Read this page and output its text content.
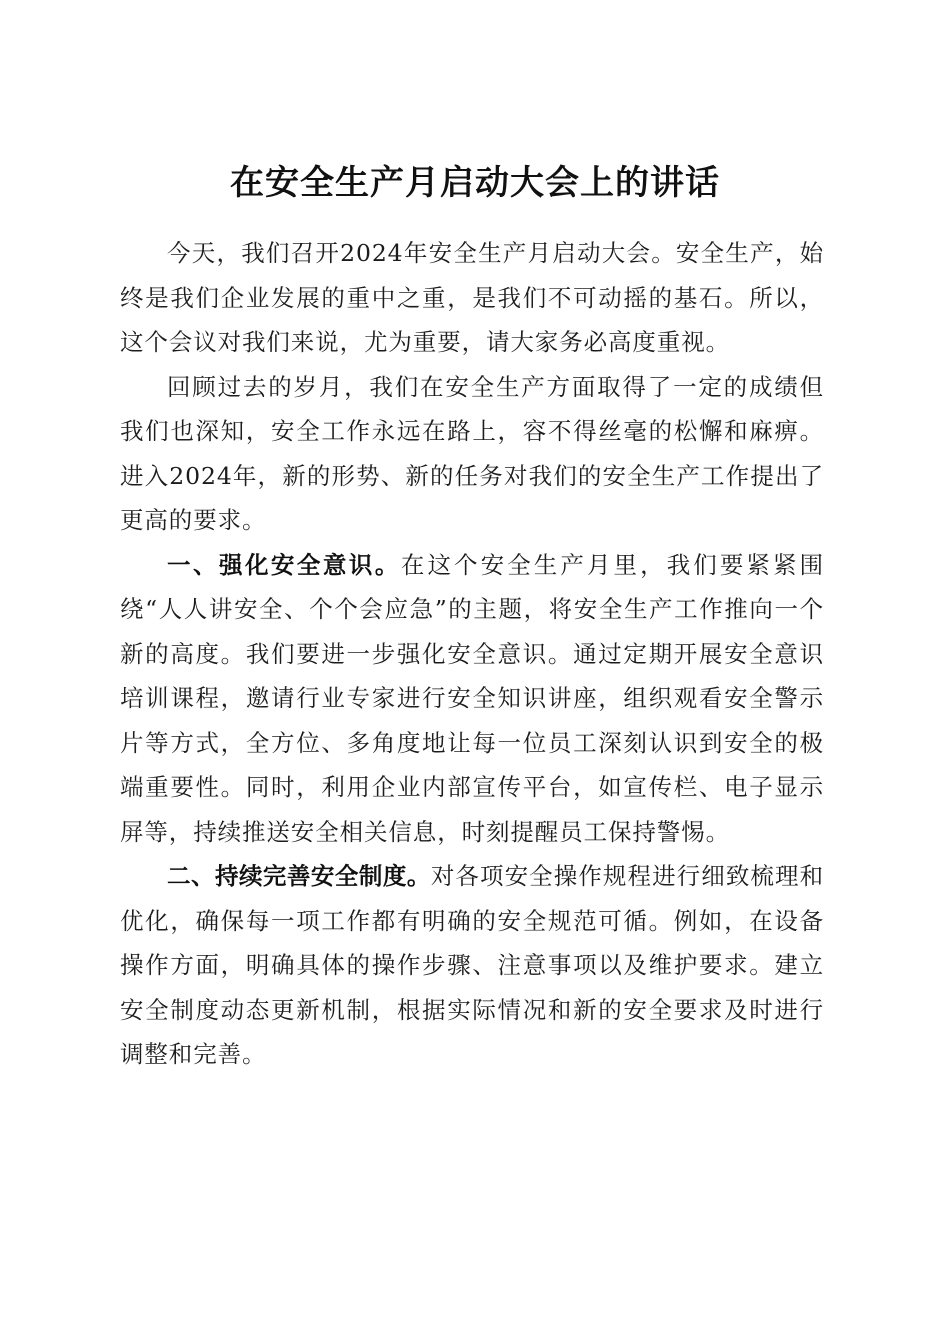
在安全生产月启动大会上的讲话

今天，我们召开2024年安全生产月启动大会。安全生产，始终是我们企业发展的重中之重，是我们不可动摇的基石。所以，这个会议对我们来说，尤为重要，请大家务必高度重视。

回顾过去的岁月，我们在安全生产方面取得了一定的成绩但我们也深知，安全工作永远在路上，容不得丝毫的松懈和麻痹。进入2024年，新的形势、新的任务对我们的安全生产工作提出了更高的要求。

一、强化安全意识。在这个安全生产月里，我们要紧紧围绕“人人讲安全、个个会应急”的主题，将安全生产工作推向一个新的高度。我们要进一步强化安全意识。通过定期开展安全意识培训课程，邀请行业专家进行安全知识讲座，组织观看安全警示片等方式，全方位、多角度地让每一位员工深刻认识到安全的极端重要性。同时，利用企业内部宣传平台，如宣传栏、电子显示屏等，持续推送安全相关信息，时刻提醒员工保持警惕。

二、持续完善安全制度。对各项安全操作规程进行细致梳理和优化，确保每一项工作都有明确的安全规范可循。例如，在设备操作方面，明确具体的操作步骤、注意事项以及维护要求。建立安全制度动态更新机制，根据实际情况和新的安全要求及时进行调整和完善。
